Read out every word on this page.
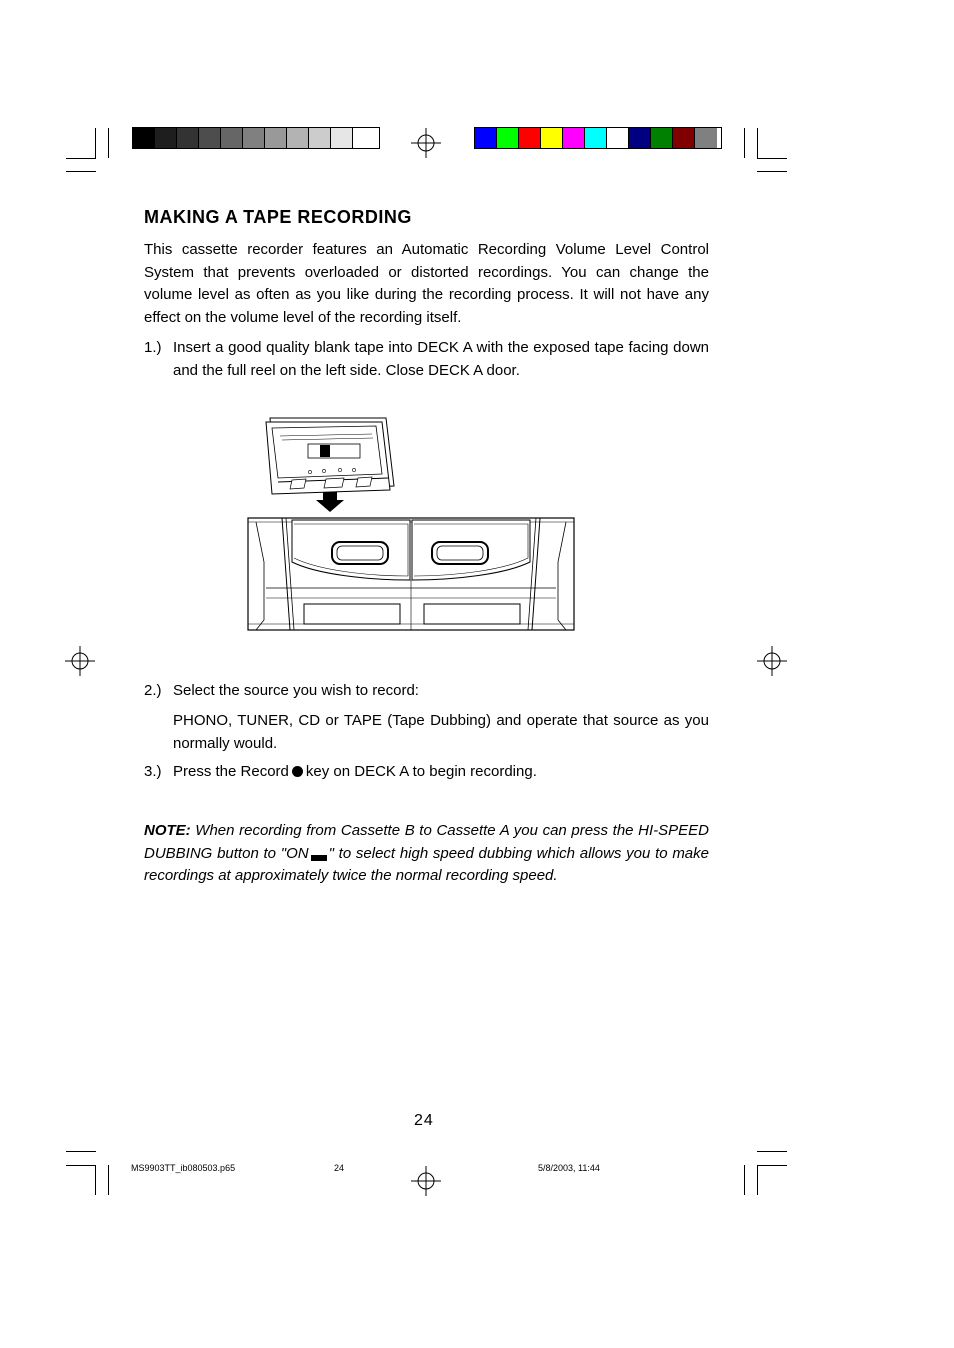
MAKING A TAPE RECORDING

This cassette recorder features an Automatic Recording Volume Level Control System that prevents overloaded or distorted recordings. You can change the volume level as often as you like during the recording process. It will not have any effect on the volume level of the recording itself.

1.) Insert a good quality blank tape into DECK A with the exposed tape facing down and the full reel on the left side. Close DECK A door.

2.) Select the source you wish to record:

PHONO, TUNER, CD or TAPE (Tape Dubbing) and operate that source as you normally would.

3.) Press the Record key on DECK A to begin recording.

NOTE: When recording from Cassette B to Cassette A you can press the HI-SPEED DUBBING button to "ON " to select high speed dubbing which allows you to make recordings at approximately twice the normal recording speed.

24
MS9903TT_ib080503.p65	24	5/8/2003, 11:44
